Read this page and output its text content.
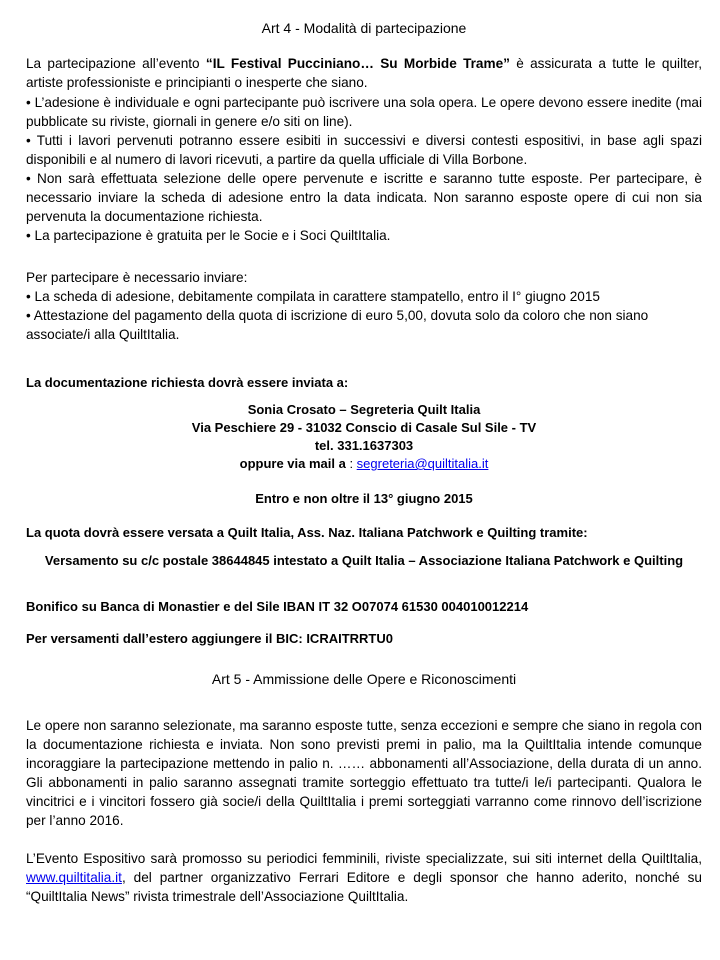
Art 4 - Modalità di partecipazione
La partecipazione all’evento “IL Festival Pucciniano… Su Morbide Trame” è assicurata a tutte le quilter, artiste professioniste e principianti o inesperte che siano.

• L’adesione è individuale e ogni partecipante può iscrivere una sola opera. Le opere devono essere inedite (mai pubblicate su riviste, giornali in genere e/o siti on line).

• Tutti i lavori pervenuti potranno essere esibiti in successivi e diversi contesti espositivi, in base agli spazi disponibili e al numero di lavori ricevuti, a partire da quella ufficiale di Villa Borbone.

• Non sarà effettuata selezione delle opere pervenute e iscritte e saranno tutte esposte. Per partecipare, è necessario inviare la scheda di adesione entro la data indicata. Non saranno esposte opere di cui non sia pervenuta la documentazione richiesta.

• La partecipazione è gratuita per le Socie e i Soci QuiltItalia.

Per partecipare è necessario inviare:

• La scheda di adesione, debitamente compilata in carattere stampatello, entro il I° giugno 2015

• Attestazione del pagamento della quota di iscrizione di euro 5,00, dovuta solo da coloro che non siano associate/i alla QuiltItalia.

La documentazione richiesta dovrà essere inviata a:

Sonia Crosato – Segreteria Quilt Italia

Via Peschiere 29 - 31032 Conscio di Casale Sul Sile - TV

tel. 331.1637303

oppure via mail a : segreteria@quiltitalia.it

Entro e non oltre il 13° giugno 2015
La quota dovrà essere versata a Quilt Italia, Ass. Naz. Italiana Patchwork e Quilting tramite:
Versamento su c/c postale 38644845 intestato a Quilt Italia – Associazione Italiana Patchwork e Quilting
Bonifico su Banca di Monastier e del Sile IBAN IT 32 O07074 61530 004010012214
Per versamenti dall’estero aggiungere il BIC: ICRAITRRTU0
Art 5 - Ammissione delle Opere e Riconoscimenti
Le opere non saranno selezionate, ma saranno esposte tutte, senza eccezioni e sempre che siano in regola con la documentazione richiesta e inviata. Non sono previsti premi in palio, ma la QuiltItalia intende comunque incoraggiare la partecipazione mettendo in palio n. …… abbonamenti all’Associazione, della durata di un anno. Gli abbonamenti in palio saranno assegnati tramite sorteggio effettuato tra tutte/i le/i partecipanti. Qualora le vincitrici e i vincitori fossero già socie/i della QuiltItalia i premi sorteggiati varranno come rinnovo dell’iscrizione per l’anno 2016.
L’Evento Espositivo sarà promosso su periodici femminili, riviste specializzate, sui siti internet della QuiltItalia, www.quiltitalia.it, del partner organizzativo Ferrari Editore e degli sponsor che hanno aderito, nonché su “QuiltItalia News” rivista trimestrale dell’Associazione QuiltItalia.
